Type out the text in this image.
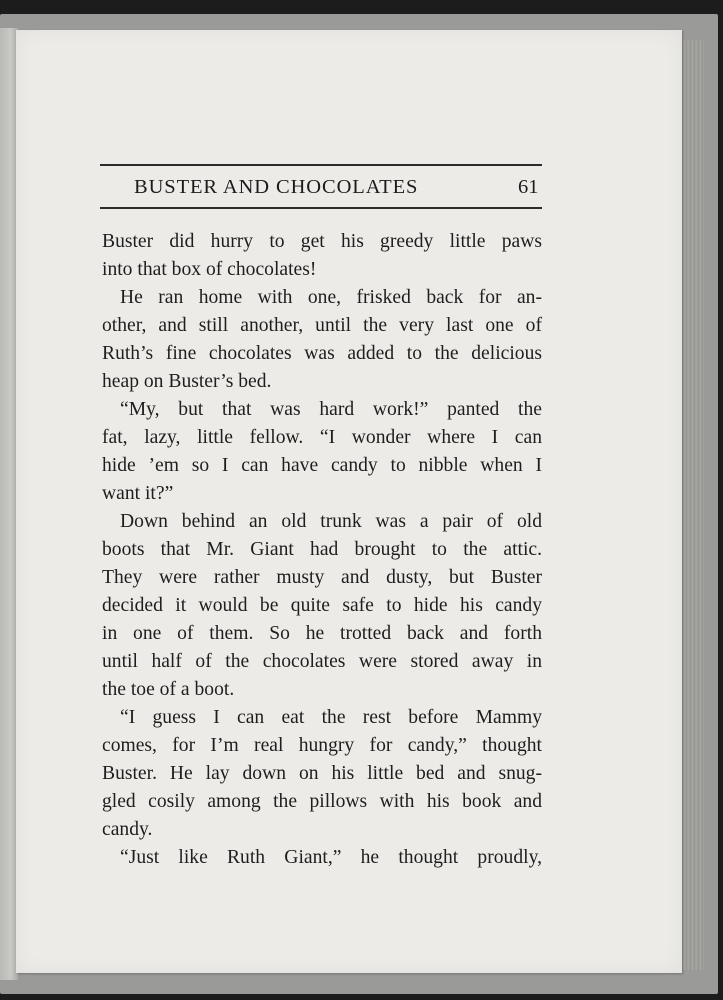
BUSTER AND CHOCOLATES	61
Buster did hurry to get his greedy little paws
into that box of chocolates!
He ran home with one, frisked back for an-
other, and still another, until the very last one of
Ruth’s fine chocolates was added to the delicious
heap on Buster’s bed.
“My, but that was hard work!” panted the
fat, lazy, little fellow. “I wonder where I can
hide ’em so I can have candy to nibble when I
want it?”
Down behind an old trunk was a pair of old
boots that Mr. Giant had brought to the attic.
They were rather musty and dusty, but Buster
decided it would be quite safe to hide his candy
in one of them. So he trotted back and forth
until half of the chocolates were stored away in
the toe of a boot.
“I guess I can eat the rest before Mammy
comes, for I’m real hungry for candy,” thought
Buster. He lay down on his little bed and snug-
gled cosily among the pillows with his book and
candy.
“Just like Ruth Giant,” he thought proudly,
